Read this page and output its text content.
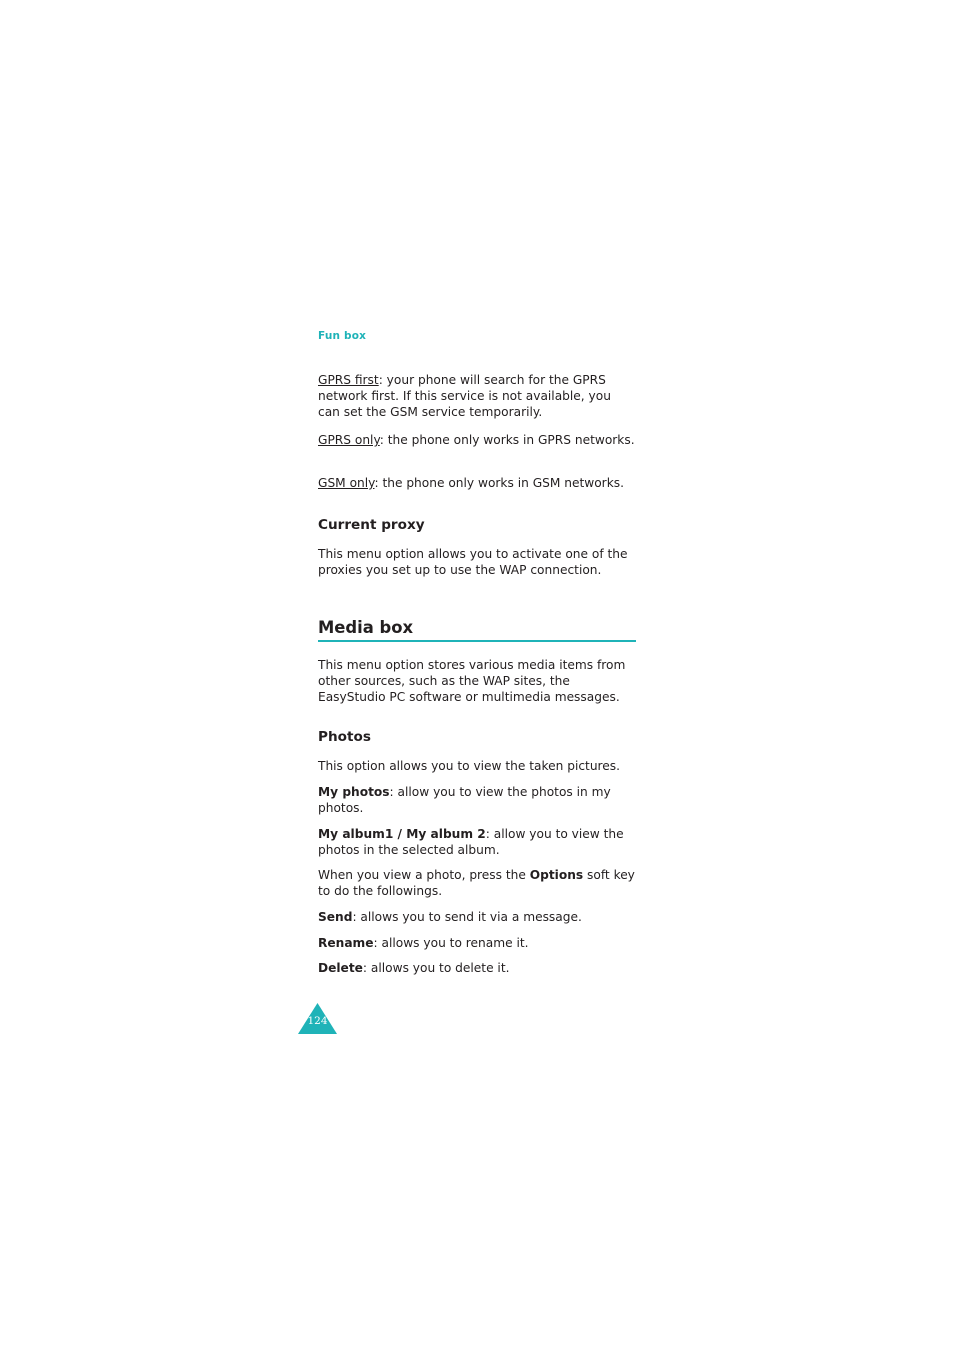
Fun box

GPRS first: your phone will search for the GPRS network first. If this service is not available, you can set the GSM service temporarily.

GPRS only: the phone only works in GPRS networks.

GSM only: the phone only works in GSM networks.

Current proxy

This menu option allows you to activate one of the proxies you set up to use the WAP connection.

Media box

This menu option stores various media items from other sources, such as the WAP sites, the EasyStudio PC software or multimedia messages.

Photos

This option allows you to view the taken pictures.

My photos: allow you to view the photos in my photos.

My album1 / My album 2: allow you to view the photos in the selected album.

When you view a photo, press the Options soft key to do the followings.

Send: allows you to send it via a message.

Rename: allows you to rename it.

Delete: allows you to delete it.

124
